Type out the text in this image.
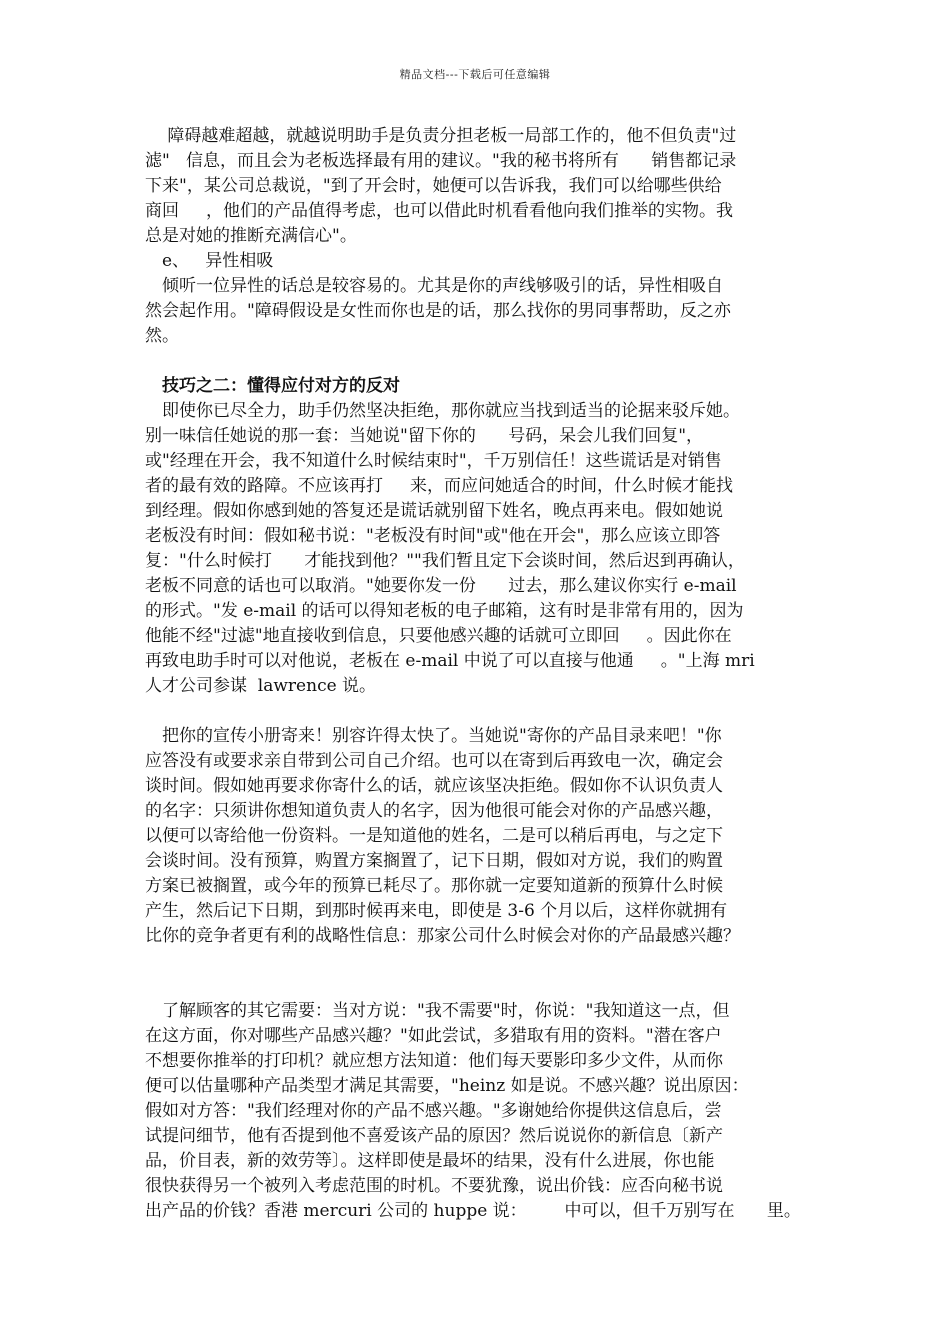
精品文档---下载后可任意编辑
障碍越难超越，就越说明助手是负责分担老板一局部工作的，他不但负责"过
滤"   信息，而且会为老板选择最有用的建议。"我的秘书将所有      销售都记录
下来"，某公司总裁说，"到了开会时，她便可以告诉我，我们可以给哪些供给
商回     ，他们的产品值得考虑，也可以借此时机看看他向我们推举的实物。我
总是对她的推断充满信心"。
e、   异性相吸
倾听一位异性的话总是较容易的。尤其是你的声线够吸引的话，异性相吸自
然会起作用。"障碍假设是女性而你也是的话，那么找你的男同事帮助，反之亦
然。
技巧之二：懂得应付对方的反对
即使你已尽全力，助手仍然坚决拒绝，那你就应当找到适当的论据来驳斥她。
别一味信任她说的那一套：当她说"留下你的      号码，呆会儿我们回复"，
或"经理在开会，我不知道什么时候结束时"，千万别信任！这些谎话是对销售
者的最有效的路障。不应该再打     来，而应问她适合的时间，什么时候才能找
到经理。假如你感到她的答复还是谎话就别留下姓名，晚点再来电。假如她说
老板没有时间：假如秘书说："老板没有时间"或"他在开会"，那么应该立即答
复："什么时候打      才能找到他？""我们暂且定下会谈时间，然后迟到再确认，
老板不同意的话也可以取消。"她要你发一份      过去，那么建议你实行 e-mail
的形式。"发 e-mail 的话可以得知老板的电子邮箱，这有时是非常有用的，因为
他能不经"过滤"地直接收到信息，只要他感兴趣的话就可立即回     。因此你在
再致电助手时可以对他说，老板在 e-mail 中说了可以直接与他通     。"上海 mri
人才公司参谋  lawrence 说。
把你的宣传小册寄来！别容许得太快了。当她说"寄你的产品目录来吧！"你
应答没有或要求亲自带到公司自己介绍。也可以在寄到后再致电一次，确定会
谈时间。假如她再要求你寄什么的话，就应该坚决拒绝。假如你不认识负责人
的名字：只须讲你想知道负责人的名字，因为他很可能会对你的产品感兴趣，
以便可以寄给他一份资料。一是知道他的姓名，二是可以稍后再电，与之定下
会谈时间。没有预算，购置方案搁置了，记下日期，假如对方说，我们的购置
方案已被搁置，或今年的预算已耗尽了。那你就一定要知道新的预算什么时候
产生，然后记下日期，到那时候再来电，即使是 3-6 个月以后，这样你就拥有
比你的竞争者更有利的战略性信息：那家公司什么时候会对你的产品最感兴趣？
了解顾客的其它需要：当对方说："我不需要"时，你说："我知道这一点，但
在这方面，你对哪些产品感兴趣？"如此尝试，多猎取有用的资料。"潜在客户
不想要你推举的打印机？就应想方法知道：他们每天要影印多少文件，从而你
便可以估量哪种产品类型才满足其需要，"heinz 如是说。不感兴趣？说出原因：
假如对方答："我们经理对你的产品不感兴趣。"多谢她给你提供这信息后，尝
试提问细节，他有否提到他不喜爱该产品的原因？然后说说你的新信息〔新产
品，价目表，新的效劳等〕。这样即使是最坏的结果，没有什么进展，你也能
很快获得另一个被列入考虑范围的时机。不要犹豫，说出价钱：应否向秘书说
出产品的价钱？香港 mercuri 公司的 huppe 说：       中可以，但千万别写在      里。
